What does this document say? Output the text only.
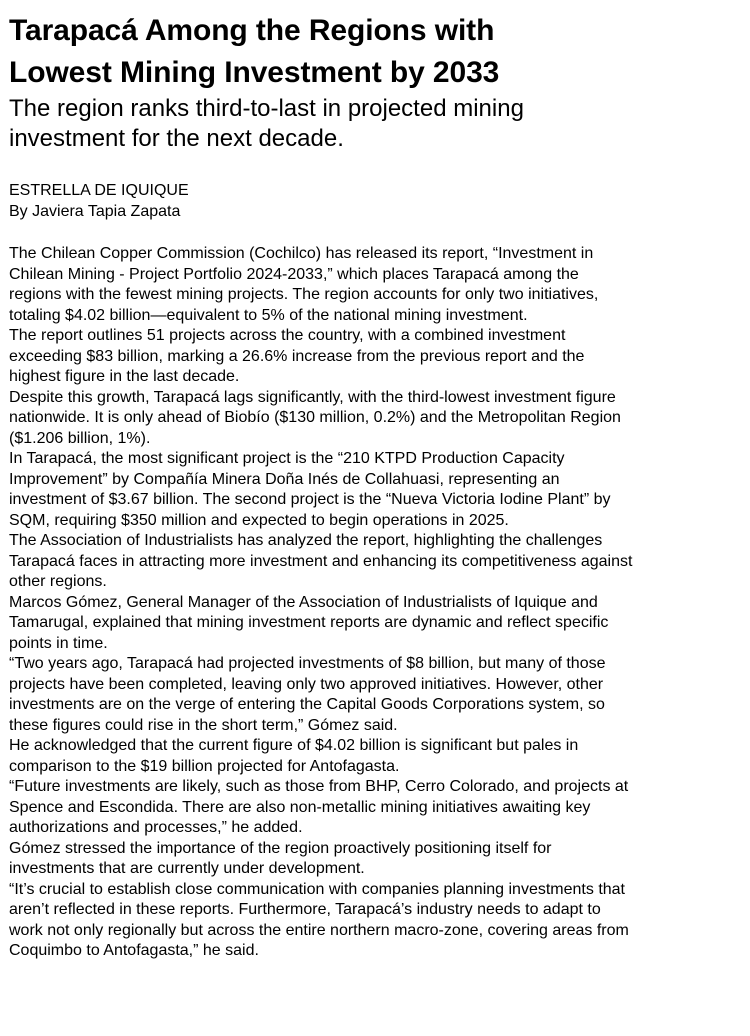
Tarapacá Among the Regions with
Lowest Mining Investment by 2033
The region ranks third-to-last in projected mining
investment for the next decade.
ESTRELLA DE IQUIQUE
By Javiera Tapia Zapata

The Chilean Copper Commission (Cochilco) has released its report, “Investment in
Chilean Mining - Project Portfolio 2024-2033,” which places Tarapacá among the
regions with the fewest mining projects. The region accounts for only two initiatives,
totaling $4.02 billion—equivalent to 5% of the national mining investment.

The report outlines 51 projects across the country, with a combined investment
exceeding $83 billion, marking a 26.6% increase from the previous report and the
highest figure in the last decade.

Despite this growth, Tarapacá lags significantly, with the third-lowest investment figure
nationwide. It is only ahead of Biobío ($130 million, 0.2%) and the Metropolitan Region
($1.206 billion, 1%).

In Tarapacá, the most significant project is the “210 KTPD Production Capacity
Improvement” by Compañía Minera Doña Inés de Collahuasi, representing an
investment of $3.67 billion. The second project is the “Nueva Victoria Iodine Plant” by
SQM, requiring $350 million and expected to begin operations in 2025.

The Association of Industrialists has analyzed the report, highlighting the challenges
Tarapacá faces in attracting more investment and enhancing its competitiveness against
other regions.

Marcos Gómez, General Manager of the Association of Industrialists of Iquique and
Tamarugal, explained that mining investment reports are dynamic and reflect specific
points in time.

“Two years ago, Tarapacá had projected investments of $8 billion, but many of those
projects have been completed, leaving only two approved initiatives. However, other
investments are on the verge of entering the Capital Goods Corporations system, so
these figures could rise in the short term,” Gómez said.

He acknowledged that the current figure of $4.02 billion is significant but pales in
comparison to the $19 billion projected for Antofagasta.

“Future investments are likely, such as those from BHP, Cerro Colorado, and projects at
Spence and Escondida. There are also non-metallic mining initiatives awaiting key
authorizations and processes,” he added.

Gómez stressed the importance of the region proactively positioning itself for
investments that are currently under development.

“It’s crucial to establish close communication with companies planning investments that
aren’t reflected in these reports. Furthermore, Tarapacá’s industry needs to adapt to
work not only regionally but across the entire northern macro-zone, covering areas from
Coquimbo to Antofagasta,” he said.
